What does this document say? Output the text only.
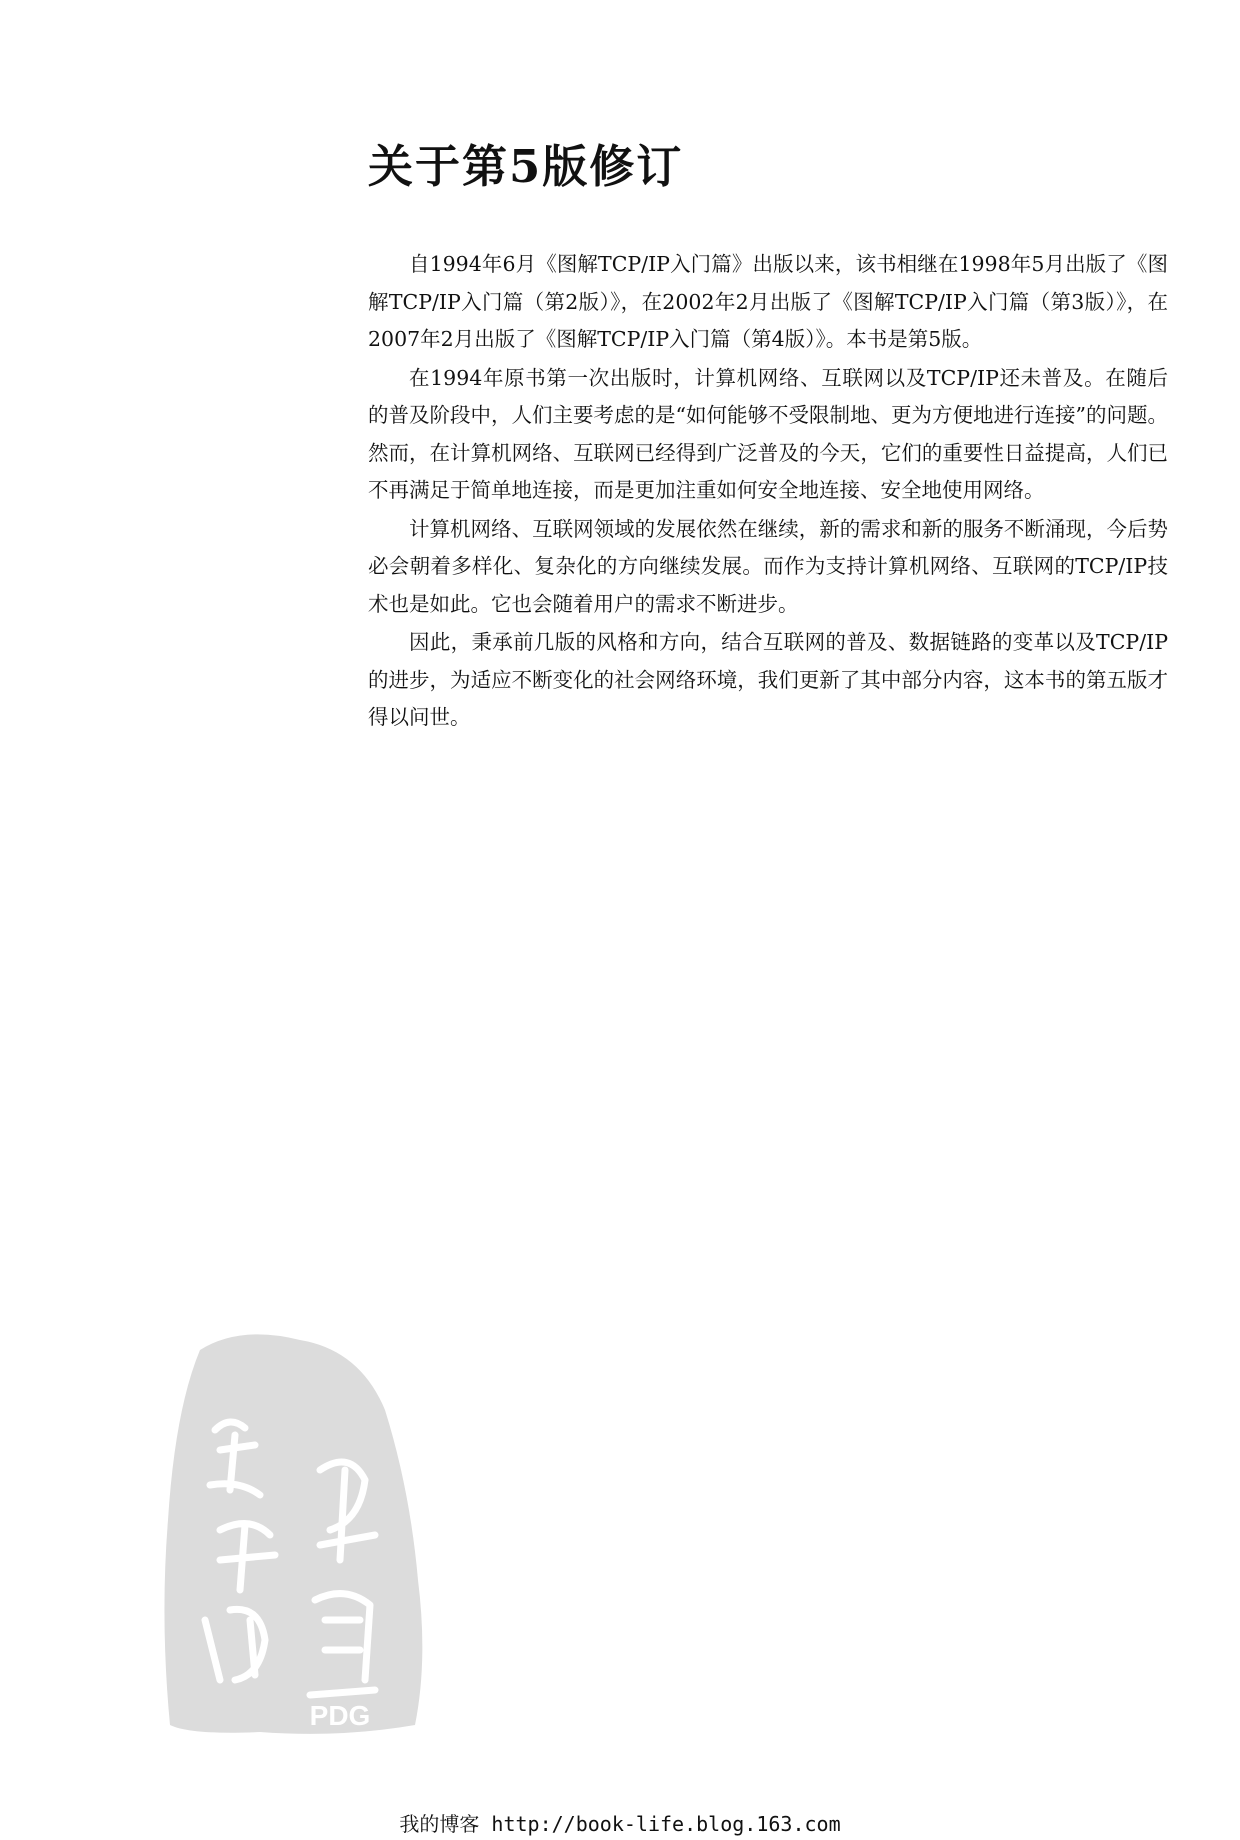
关于第5版修订

自1994年6月《图解TCP/IP入门篇》出版以来，该书相继在1998年5月出版了《图解TCP/IP入门篇（第2版）》，在2002年2月出版了《图解TCP/IP入门篇（第3版）》，在2007年2月出版了《图解TCP/IP入门篇（第4版）》。本书是第5版。

在1994年原书第一次出版时，计算机网络、互联网以及TCP/IP还未普及。在随后的普及阶段中，人们主要考虑的是“如何能够不受限制地、更为方便地进行连接”的问题。然而，在计算机网络、互联网已经得到广泛普及的今天，它们的重要性日益提高，人们已不再满足于简单地连接，而是更加注重如何安全地连接、安全地使用网络。

计算机网络、互联网领域的发展依然在继续，新的需求和新的服务不断涌现，今后势必会朝着多样化、复杂化的方向继续发展。而作为支持计算机网络、互联网的TCP/IP技术也是如此。它也会随着用户的需求不断进步。

因此，秉承前几版的风格和方向，结合互联网的普及、数据链路的变革以及TCP/IP的进步，为适应不断变化的社会网络环境，我们更新了其中部分内容，这本书的第五版才得以问世。

PDG
我的博客 http://book-life.blog.163.com
